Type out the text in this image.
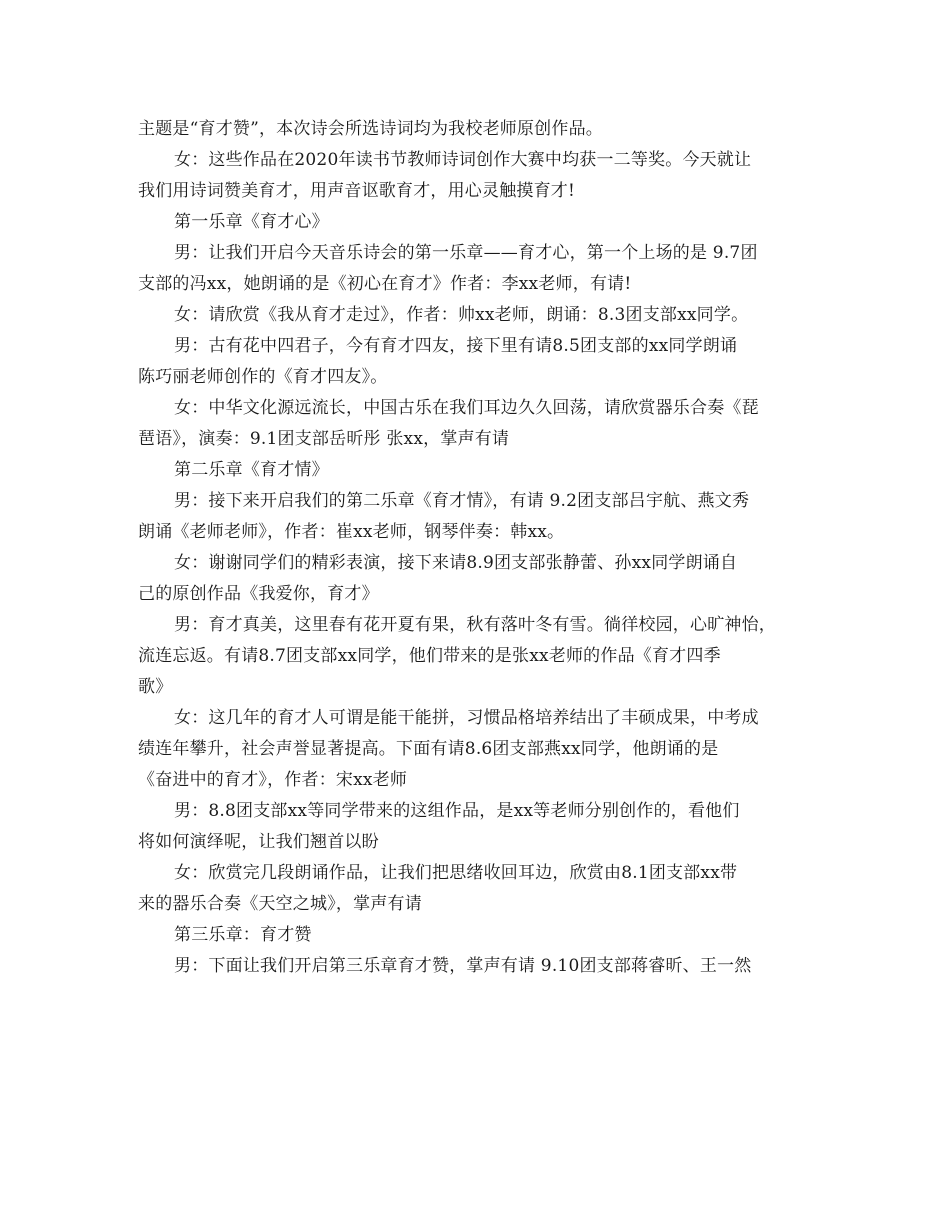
主题是“育才赞”，本次诗会所选诗词均为我校老师原创作品。
女：这些作品在2020年读书节教师诗词创作大赛中均获一二等奖。今天就让
我们用诗词赞美育才，用声音讴歌育才，用心灵触摸育才!
第一乐章《育才心》
男：让我们开启今天音乐诗会的第一乐章——育才心，第一个上场的是 9.7团
支部的冯xx，她朗诵的是《初心在育才》作者：李xx老师，有请!
女：请欣赏《我从育才走过》，作者：帅xx老师，朗诵：8.3团支部xx同学。
男：古有花中四君子，今有育才四友，接下里有请8.5团支部的xx同学朗诵
陈巧丽老师创作的《育才四友》。
女：中华文化源远流长，中国古乐在我们耳边久久回荡，请欣赏器乐合奏《琵
琶语》，演奏：9.1团支部岳昕彤 张xx，掌声有请
第二乐章《育才情》
男：接下来开启我们的第二乐章《育才情》，有请 9.2团支部吕宇航、燕文秀
朗诵《老师老师》，作者：崔xx老师，钢琴伴奏：韩xx。
女：谢谢同学们的精彩表演，接下来请8.9团支部张静蕾、孙xx同学朗诵自
己的原创作品《我爱你，育才》
男：育才真美，这里春有花开夏有果，秋有落叶冬有雪。徜徉校园，心旷神怡，
流连忘返。有请8.7团支部xx同学，他们带来的是张xx老师的作品《育才四季
歌》
女：这几年的育才人可谓是能干能拼，习惯品格培养结出了丰硕成果，中考成
绩连年攀升，社会声誉显著提高。下面有请8.6团支部燕xx同学，他朗诵的是
《奋进中的育才》，作者：宋xx老师
男：8.8团支部xx等同学带来的这组作品，是xx等老师分别创作的，看他们
将如何演绎呢，让我们翘首以盼
女：欣赏完几段朗诵作品，让我们把思绪收回耳边，欣赏由8.1团支部xx带
来的器乐合奏《天空之城》，掌声有请
第三乐章：育才赞
男：下面让我们开启第三乐章育才赞，掌声有请 9.10团支部蒋睿昕、王一然
